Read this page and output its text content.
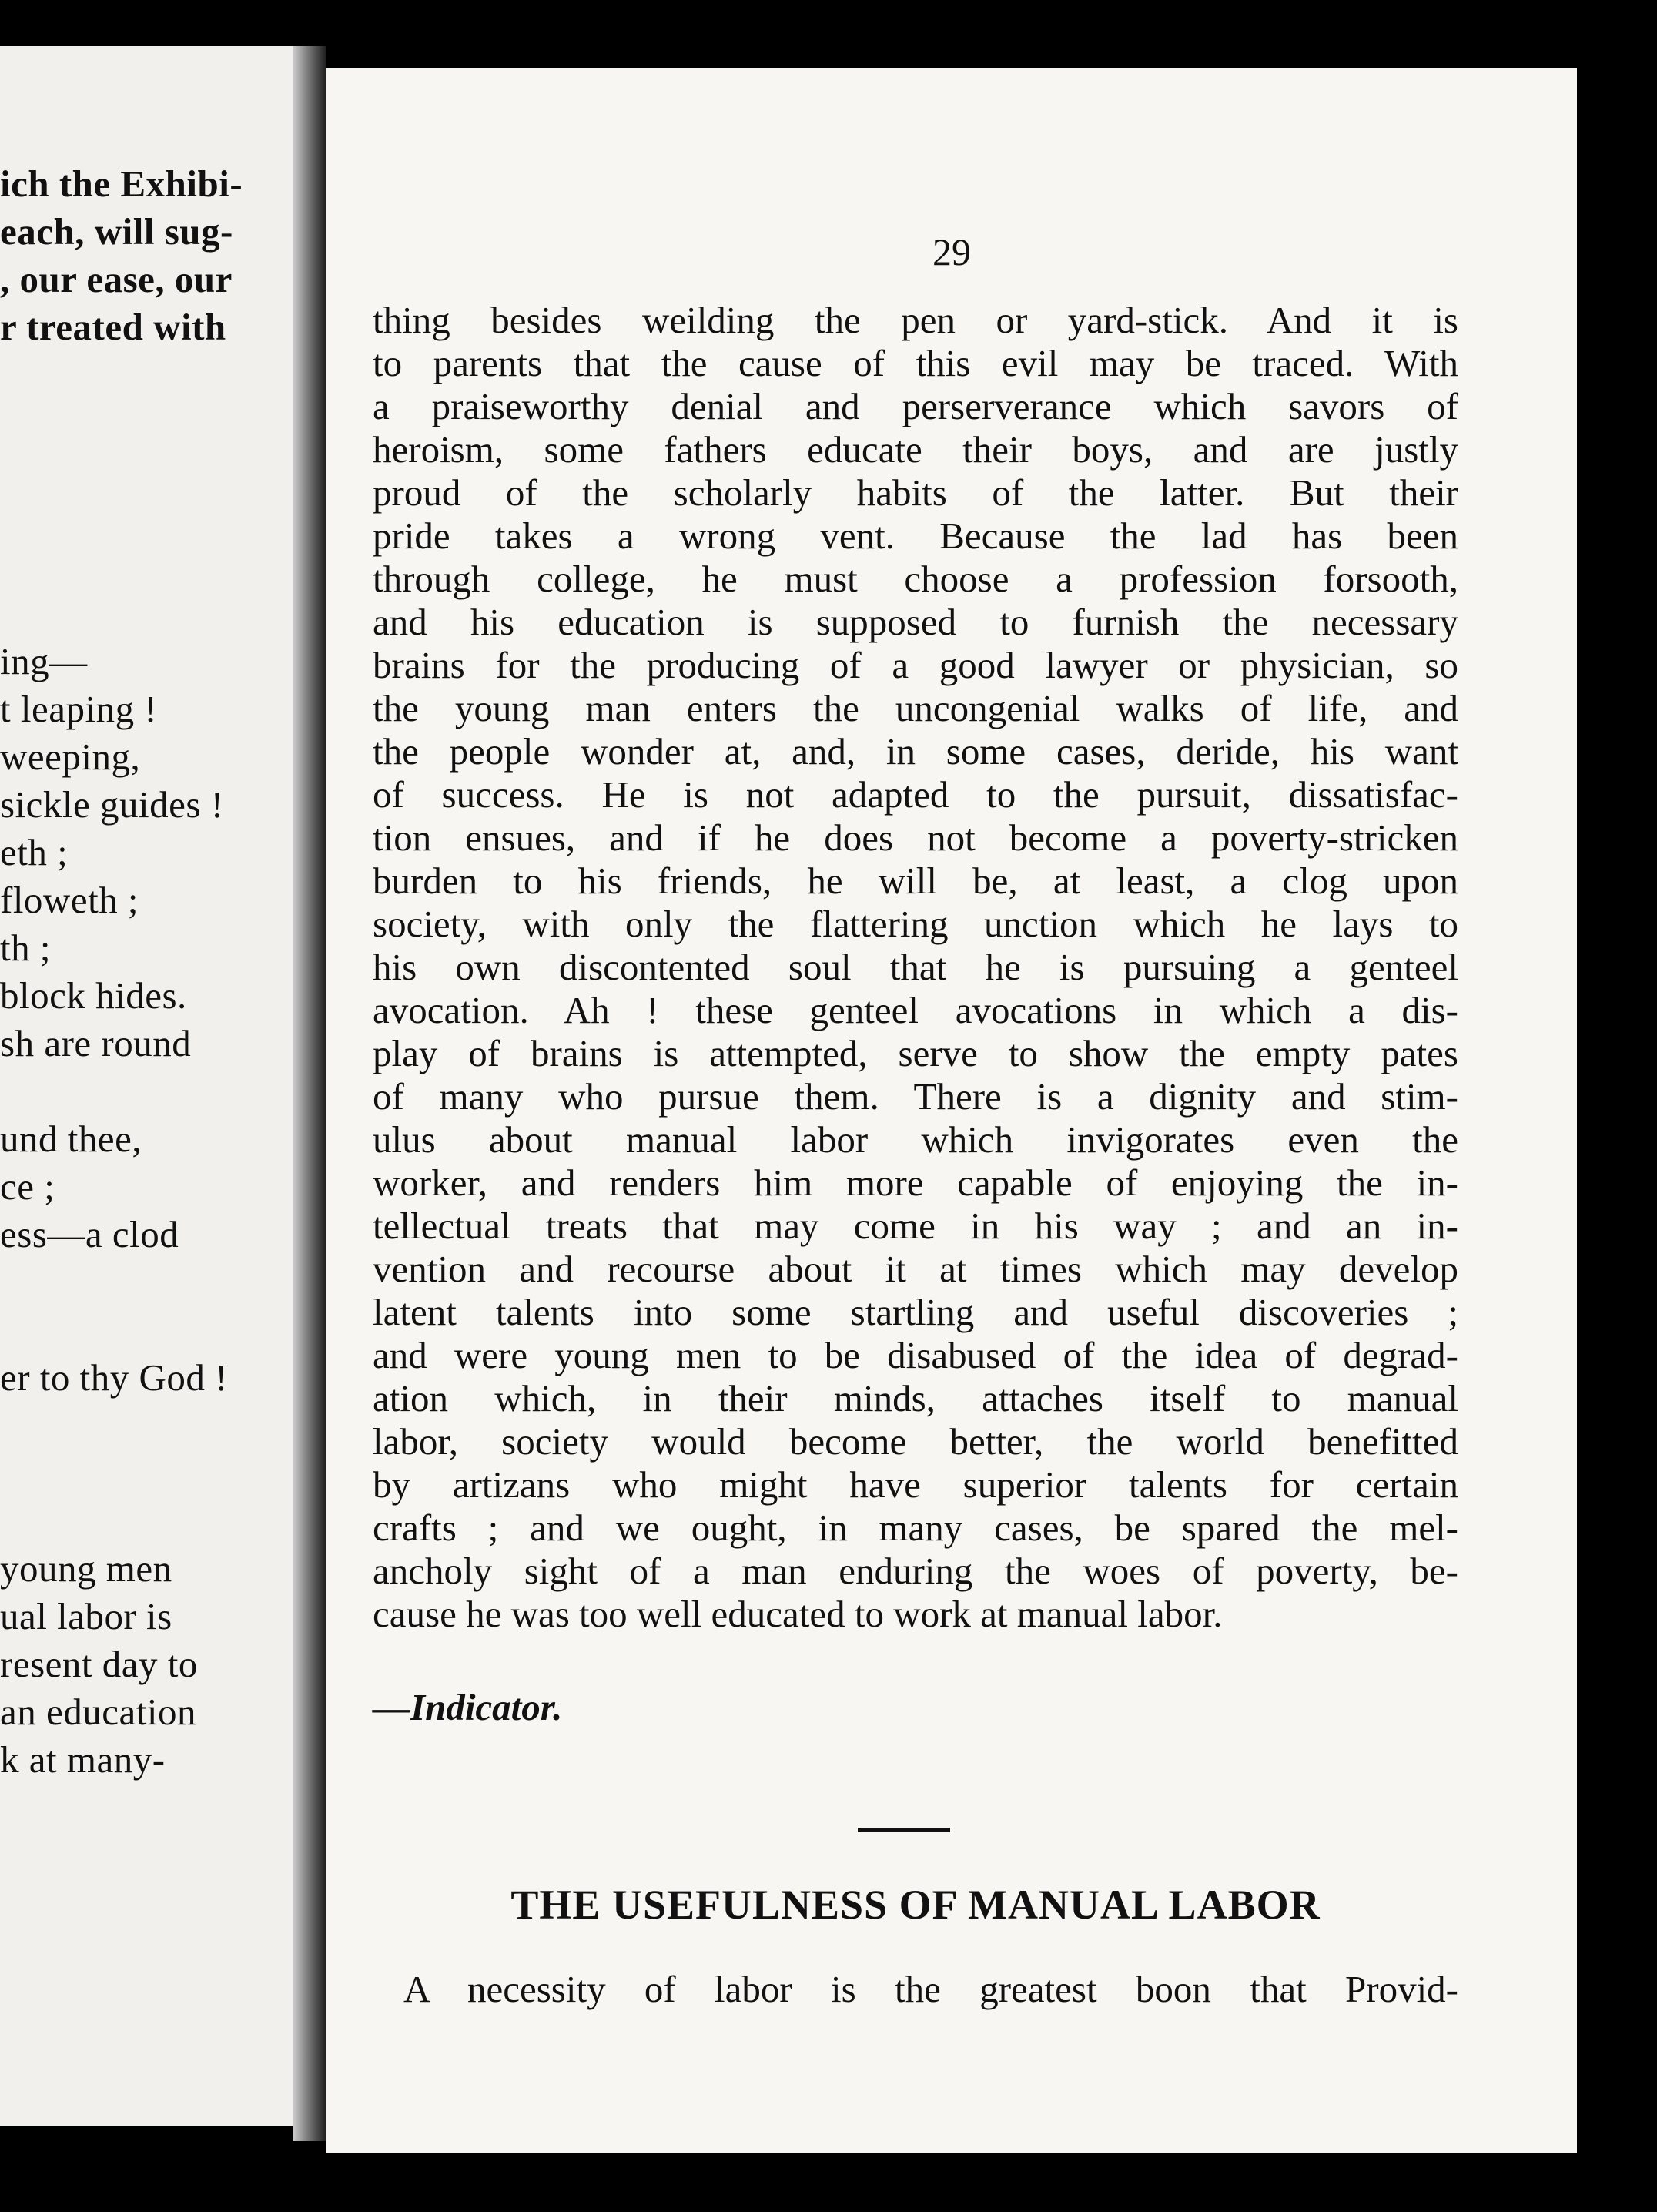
ich the Exhibi-
each, will sug-
, our ease, our
r treated with
ing—
t leaping !
weeping,
sickle guides !
eth ;
floweth ;
th ;
block hides.
sh are round
und thee,
ce ;
ess—a clod
er to thy God !
young men
ual labor is
resent day to
an education
k at many-
29
thing besides weilding the pen or yard-stick. And it is
to parents that the cause of this evil may be traced. With
a praiseworthy denial and perserverance which savors of
heroism, some fathers educate their boys, and are justly
proud of the scholarly habits of the latter. But their
pride takes a wrong vent. Because the lad has been
through college, he must choose a profession forsooth,
and his education is supposed to furnish the necessary
brains for the producing of a good lawyer or physician, so
the young man enters the uncongenial walks of life, and
the people wonder at, and, in some cases, deride, his want
of success. He is not adapted to the pursuit, dissatisfac-
tion ensues, and if he does not become a poverty-stricken
burden to his friends, he will be, at least, a clog upon
society, with only the flattering unction which he lays to
his own discontented soul that he is pursuing a genteel
avocation. Ah ! these genteel avocations in which a dis-
play of brains is attempted, serve to show the empty pates
of many who pursue them. There is a dignity and stim-
ulus about manual labor which invigorates even the
worker, and renders him more capable of enjoying the in-
tellectual treats that may come in his way ; and an in-
vention and recourse about it at times which may develop
latent talents into some startling and useful discoveries ;
and were young men to be disabused of the idea of degrad-
ation which, in their minds, attaches itself to manual
labor, society would become better, the world benefitted
by artizans who might have superior talents for certain
crafts ; and we ought, in many cases, be spared the mel-
ancholy sight of a man enduring the woes of poverty, be-
cause he was too well educated to work at manual labor.
—Indicator.
THE USEFULNESS OF MANUAL LABOR
A necessity of labor is the greatest boon that Provid-
